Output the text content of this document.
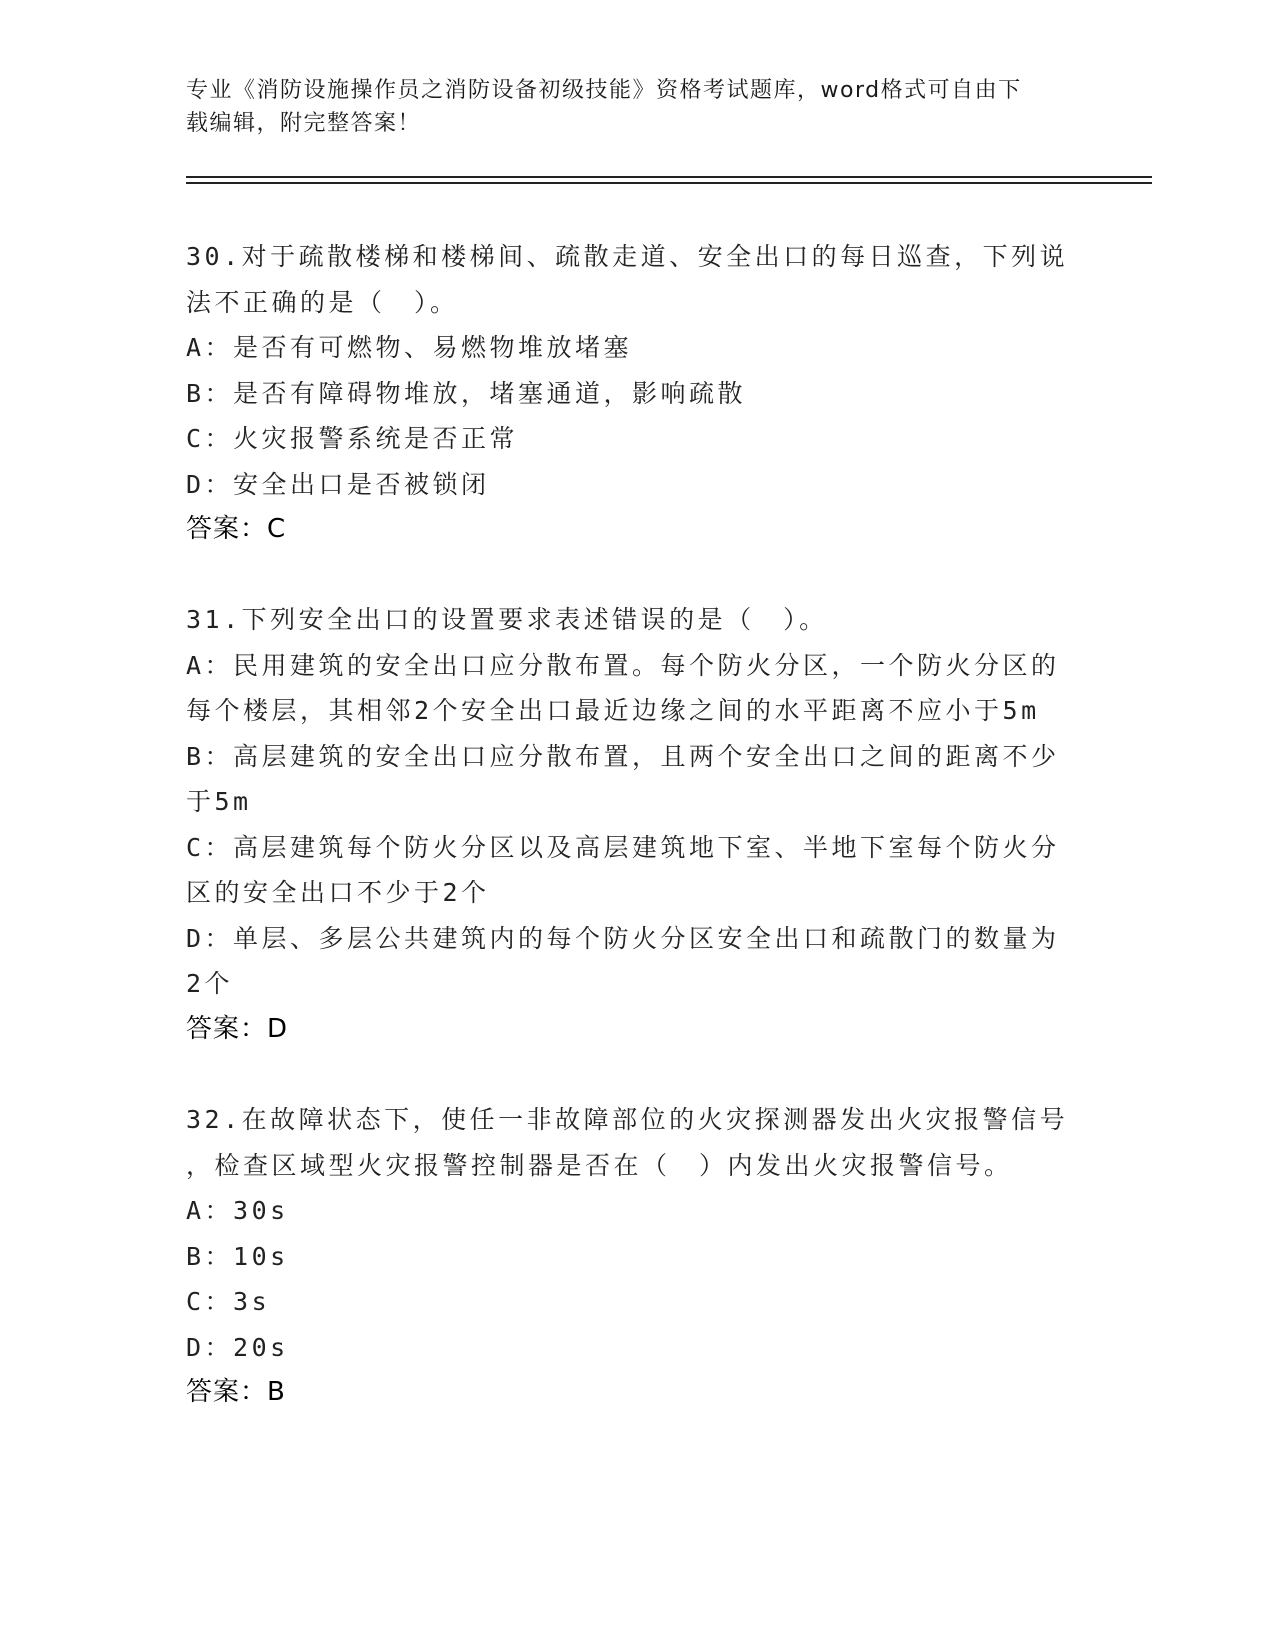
专业《消防设施操作员之消防设备初级技能》资格考试题库，word格式可自由下
载编辑，附完整答案！

30.对于疏散楼梯和楼梯间、疏散走道、安全出口的每日巡查，下列说

法不正确的是（　）。

A：是否有可燃物、易燃物堆放堵塞

B：是否有障碍物堆放，堵塞通道，影响疏散

C：火灾报警系统是否正常

D：安全出口是否被锁闭

答案：C

31.下列安全出口的设置要求表述错误的是（　）。

A：民用建筑的安全出口应分散布置。每个防火分区，一个防火分区的

每个楼层，其相邻2个安全出口最近边缘之间的水平距离不应小于5m

B：高层建筑的安全出口应分散布置，且两个安全出口之间的距离不少

于5m

C：高层建筑每个防火分区以及高层建筑地下室、半地下室每个防火分

区的安全出口不少于2个

D：单层、多层公共建筑内的每个防火分区安全出口和疏散门的数量为

2个

答案：D

32.在故障状态下，使任一非故障部位的火灾探测器发出火灾报警信号

，检查区域型火灾报警控制器是否在（　）内发出火灾报警信号。

A：30s

B：10s

C：3s

D：20s

答案：B
